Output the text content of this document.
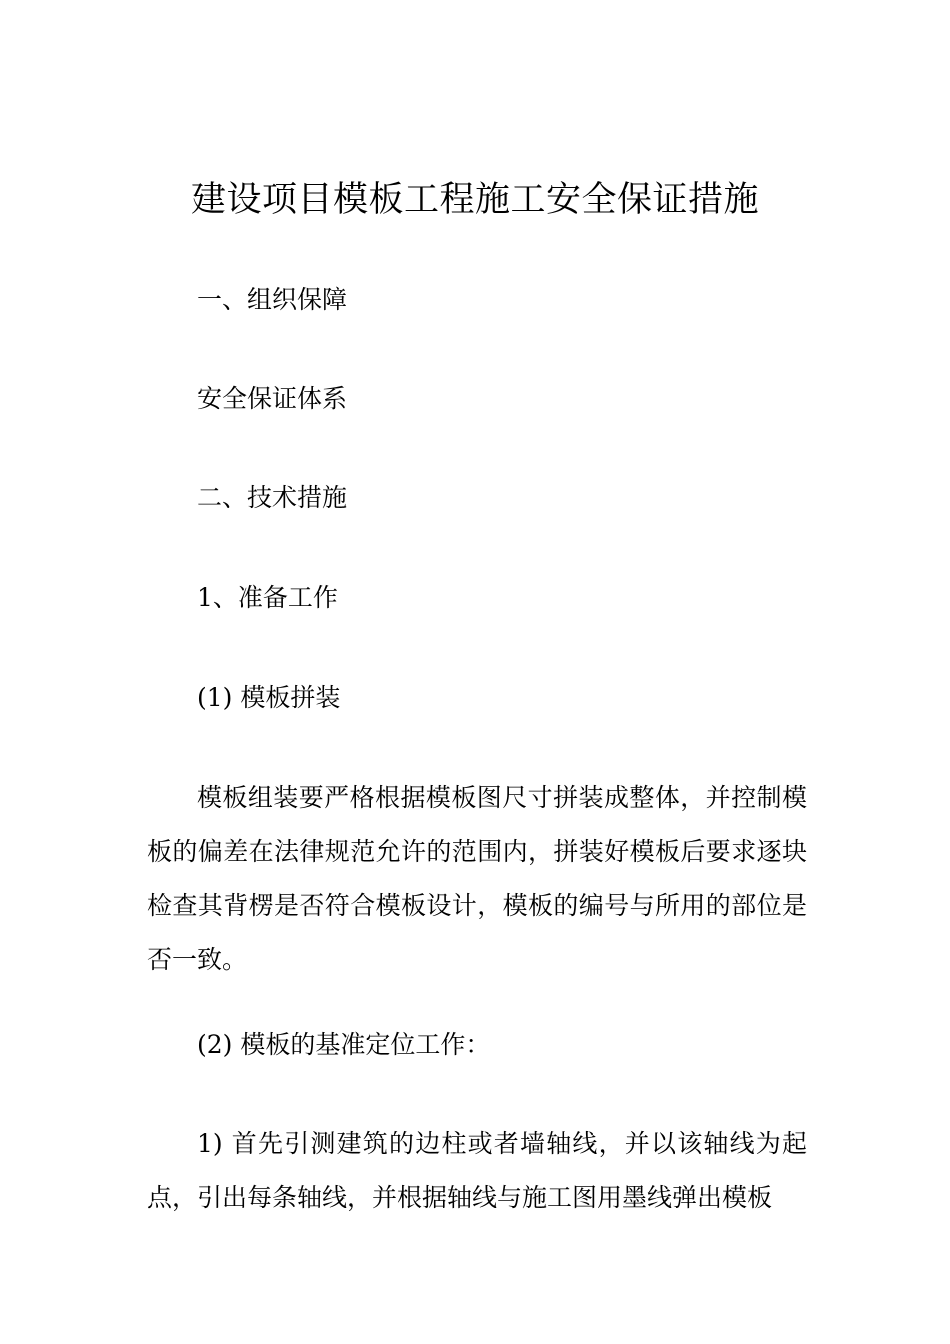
建设项目模板工程施工安全保证措施
一、组织保障
安全保证体系
二、技术措施
1、准备工作
(1) 模板拼装
模板组装要严格根据模板图尺寸拼装成整体，并控制模板的偏差在法律规范允许的范围内，拼装好模板后要求逐块检查其背楞是否符合模板设计，模板的编号与所用的部位是否一致。
(2) 模板的基准定位工作：
1) 首先引测建筑的边柱或者墙轴线，并以该轴线为起点，引出每条轴线，并根据轴线与施工图用墨线弹出模板
